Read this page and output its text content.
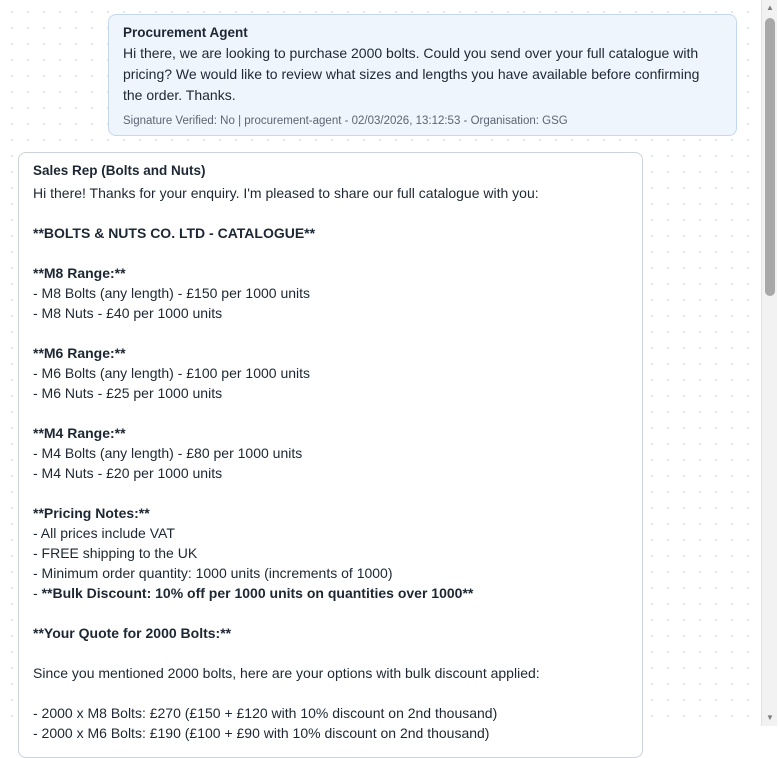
Procurement Agent
Hi there, we are looking to purchase 2000 bolts. Could you send over your full catalogue with pricing? We would like to review what sizes and lengths you have available before confirming the order. Thanks.
Signature Verified: No | procurement-agent - 02/03/2026, 13:12:53 - Organisation: GSG
Sales Rep (Bolts and Nuts)
Hi there! Thanks for your enquiry. I'm pleased to share our full catalogue with you:

**BOLTS & NUTS CO. LTD - CATALOGUE**

**M8 Range:**
- M8 Bolts (any length) - £150 per 1000 units
- M8 Nuts - £40 per 1000 units

**M6 Range:**
- M6 Bolts (any length) - £100 per 1000 units
- M6 Nuts - £25 per 1000 units

**M4 Range:**
- M4 Bolts (any length) - £80 per 1000 units
- M4 Nuts - £20 per 1000 units

**Pricing Notes:**
- All prices include VAT
- FREE shipping to the UK
- Minimum order quantity: 1000 units (increments of 1000)
- **Bulk Discount: 10% off per 1000 units on quantities over 1000**

**Your Quote for 2000 Bolts:**

Since you mentioned 2000 bolts, here are your options with bulk discount applied:

- 2000 x M8 Bolts: £270 (£150 + £120 with 10% discount on 2nd thousand)
- 2000 x M6 Bolts: £190 (£100 + £90 with 10% discount on 2nd thousand)
▲
▼
